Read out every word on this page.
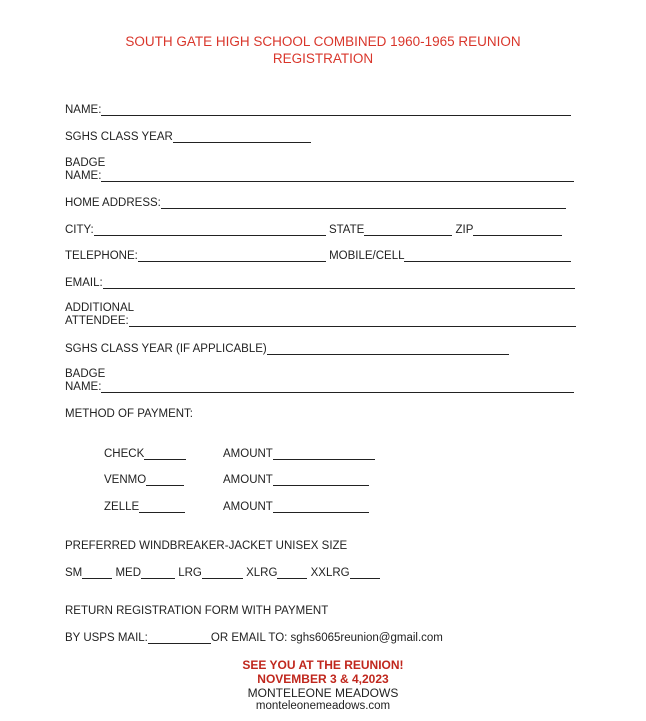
SOUTH GATE HIGH SCHOOL COMBINED 1960-1965 REUNION
REGISTRATION
NAME:
SGHS CLASS YEAR
BADGE
NAME:
HOME ADDRESS:
CITY:	STATE	ZIP
TELEPHONE:	MOBILE/CELL
EMAIL:
ADDITIONAL
ATTENDEE:
SGHS CLASS YEAR (IF APPLICABLE)
BADGE
NAME:
METHOD OF PAYMENT:
CHECK	AMOUNT
VENMO	AMOUNT
ZELLE	AMOUNT
PREFERRED WINDBREAKER-JACKET UNISEX SIZE
SM	MED	LRG	XLRG	XXLRG
RETURN REGISTRATION FORM WITH PAYMENT
BY USPS MAIL:	OR EMAIL TO: sghs6065reunion@gmail.com
SEE YOU AT THE REUNION!
NOVEMBER 3 & 4,2023
MONTELEONE MEADOWS
monteleonemeadows.com
